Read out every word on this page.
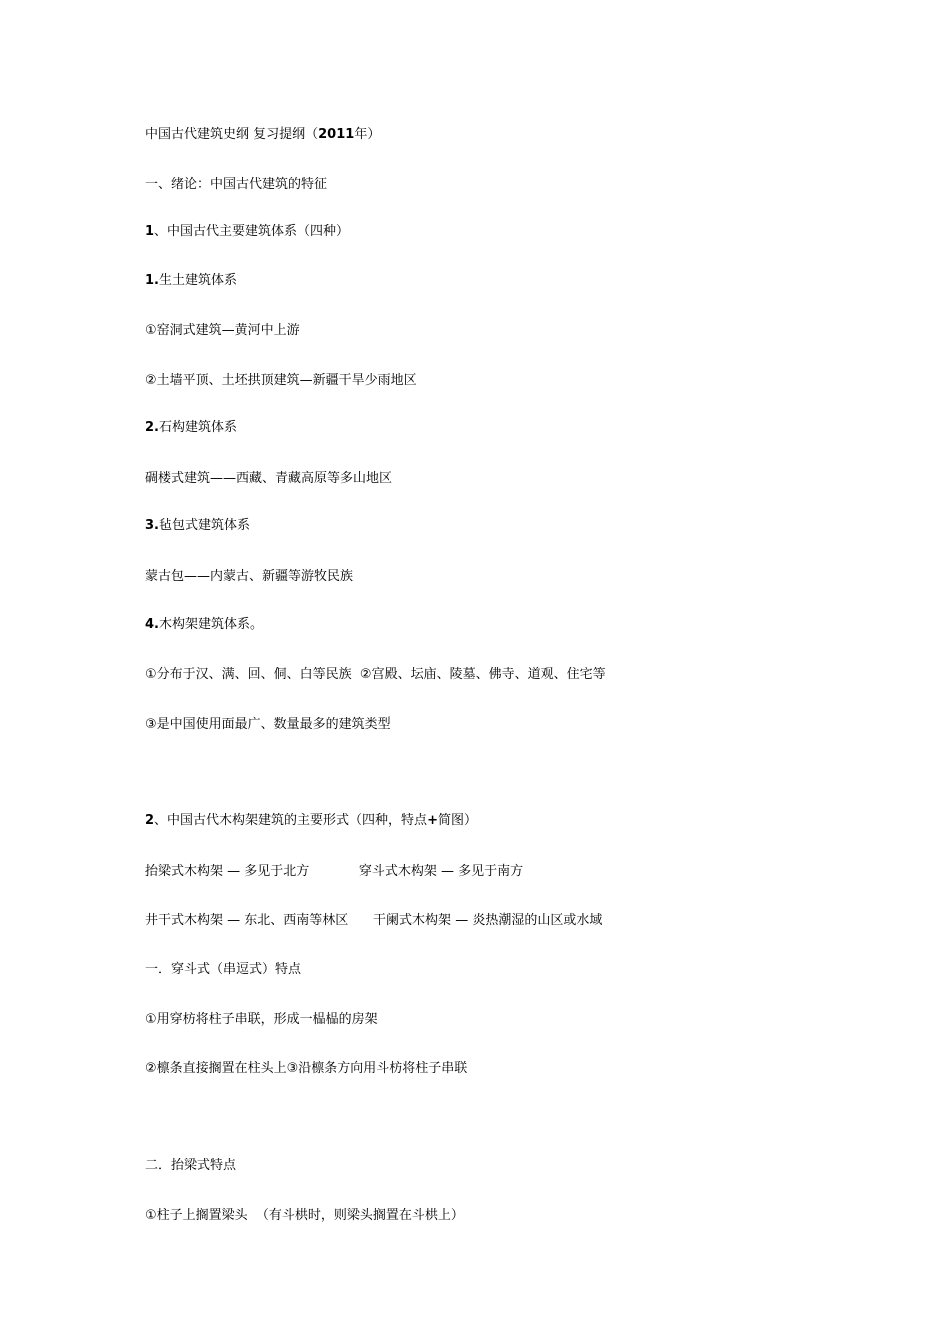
中国古代建筑史纲 复习提纲（2011年）
一、绪论：中国古代建筑的特征
1、中国古代主要建筑体系（四种）
1.生土建筑体系
①窑洞式建筑—黄河中上游
②土墙平顶、土坯拱顶建筑—新疆干旱少雨地区
2.石构建筑体系
碉楼式建筑——西藏、青藏高原等多山地区
3.毡包式建筑体系
蒙古包——内蒙古、新疆等游牧民族
4.木构架建筑体系。
①分布于汉、满、回、侗、白等民族  ②宫殿、坛庙、陵墓、佛寺、道观、住宅等
③是中国使用面最广、数量最多的建筑类型
2、中国古代木构架建筑的主要形式（四种，特点+简图）
抬梁式木构架 — 多见于北方            穿斗式木构架 — 多见于南方
井干式木构架 — 东北、西南等林区      干阑式木构架 — 炎热潮湿的山区或水域
一．穿斗式（串逗式）特点
①用穿枋将柱子串联，形成一榀榀的房架
②檩条直接搁置在柱头上③沿檩条方向用斗枋将柱子串联
二．抬梁式特点
①柱子上搁置梁头  （有斗栱时，则梁头搁置在斗栱上）
